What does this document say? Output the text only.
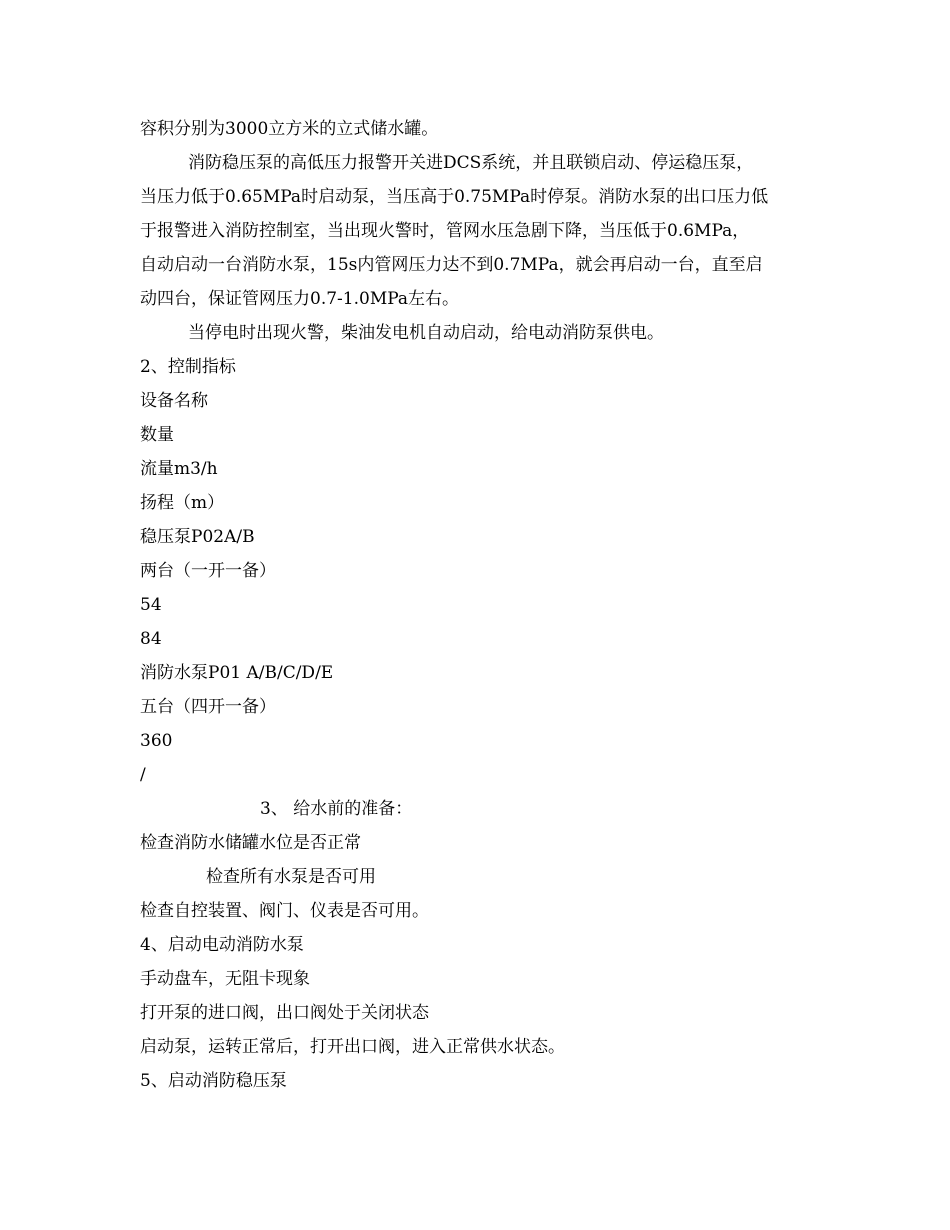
容积分别为3000立方米的立式储水罐。
消防稳压泵的高低压力报警开关进DCS系统，并且联锁启动、停运稳压泵，
当压力低于0.65MPa时启动泵，当压高于0.75MPa时停泵。消防水泵的出口压力低
于报警进入消防控制室，当出现火警时，管网水压急剧下降，当压低于0.6MPa，
自动启动一台消防水泵，15s内管网压力达不到0.7MPa，就会再启动一台，直至启
动四台，保证管网压力0.7-1.0MPa左右。
当停电时出现火警，柴油发电机自动启动，给电动消防泵供电。
2、控制指标
设备名称
数量
流量m3/h
扬程（m）
稳压泵P02A/B
两台（一开一备）
54
84
消防水泵P01 A/B/C/D/E
五台（四开一备）
360
/
3、 给水前的准备：
检查消防水储罐水位是否正常
检查所有水泵是否可用
检查自控装置、阀门、仪表是否可用。
4、启动电动消防水泵
手动盘车，无阻卡现象
打开泵的进口阀，出口阀处于关闭状态
启动泵，运转正常后，打开出口阀，进入正常供水状态。
5、启动消防稳压泵
